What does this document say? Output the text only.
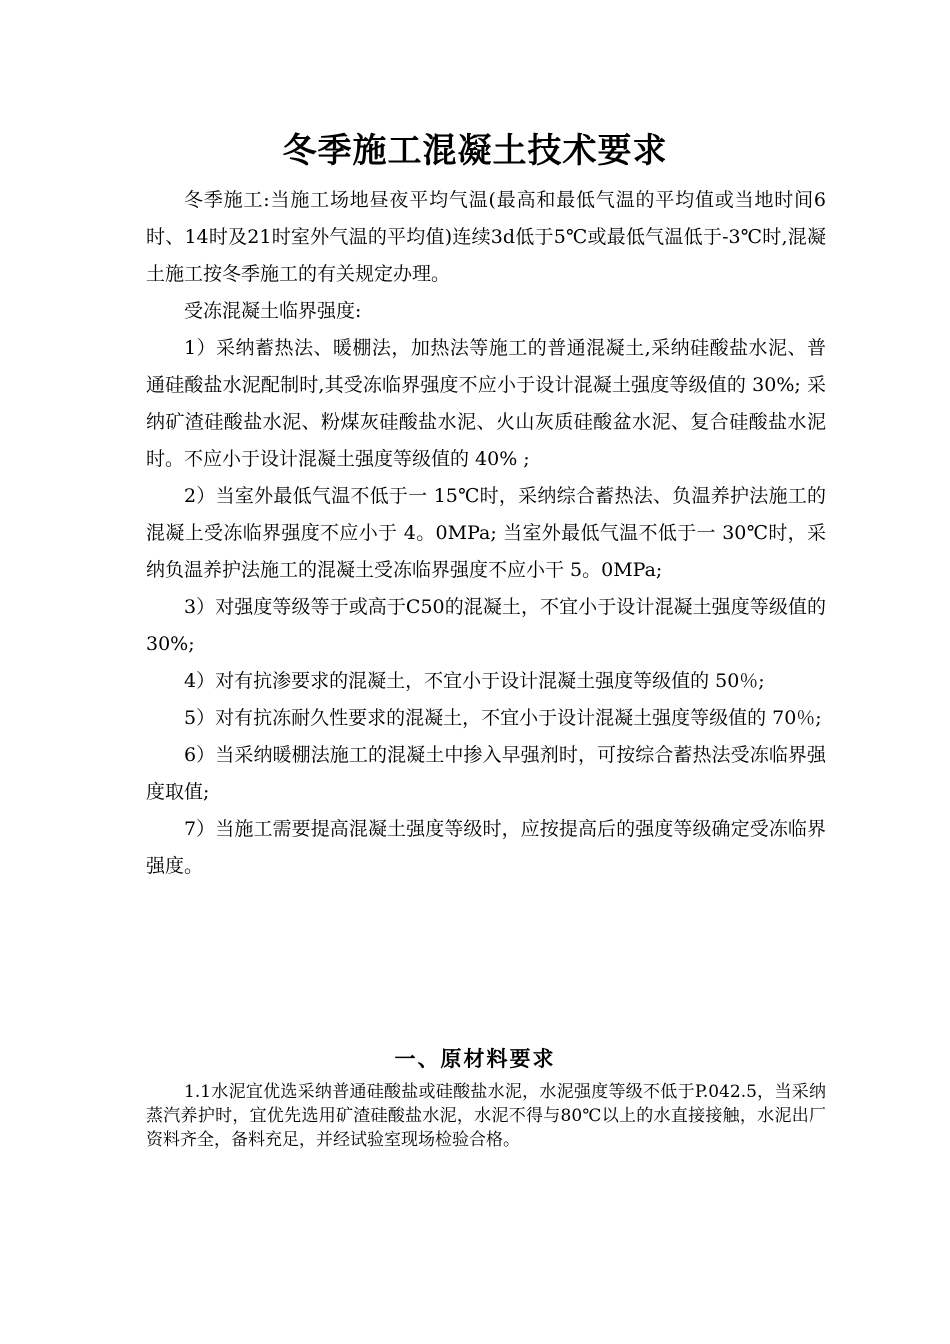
冬季施工混凝土技术要求

冬季施工:当施工场地昼夜平均气温(最高和最低气温的平均值或当地时间6时、14时及21时室外气温的平均值)连续3d低于5℃或最低气温低于-3℃时,混凝土施工按冬季施工的有关规定办理。

受冻混凝土临界强度:

1）采纳蓄热法、暖棚法，加热法等施工的普通混凝土,采纳硅酸盐水泥、普通硅酸盐水泥配制时,其受冻临界强度不应小于设计混凝土强度等级值的 30%; 采纳矿渣硅酸盐水泥、粉煤灰硅酸盐水泥、火山灰质硅酸盆水泥、复合硅酸盐水泥时。不应小于设计混凝土强度等级值的 40% ;

2）当室外最低气温不低于一 15℃时，采纳综合蓄热法、负温养护法施工的混凝上受冻临界强度不应小于 4。0MPa; 当室外最低气温不低于一 30℃时，采纳负温养护法施工的混凝土受冻临界强度不应小干 5。0MPa;

3）对强度等级等于或高于C50的混凝土，不宜小于设计混凝土强度等级值的 30%;

4）对有抗渗要求的混凝土，不宜小于设计混凝土强度等级值的 50％;

5）对有抗冻耐久性要求的混凝土，不宜小于设计混凝土强度等级值的 70％;

6）当采纳暖棚法施工的混凝土中掺入早强剂时，可按综合蓄热法受冻临界强度取值;

7）当施工需要提高混凝土强度等级时，应按提高后的强度等级确定受冻临界强度。

一、原材料要求

1.1水泥宜优选采纳普通硅酸盐或硅酸盐水泥，水泥强度等级不低于P.042.5，当采纳蒸汽养护时，宜优先选用矿渣硅酸盐水泥，水泥不得与80℃以上的水直接接触，水泥出厂资料齐全，备料充足，并经试验室现场检验合格。
